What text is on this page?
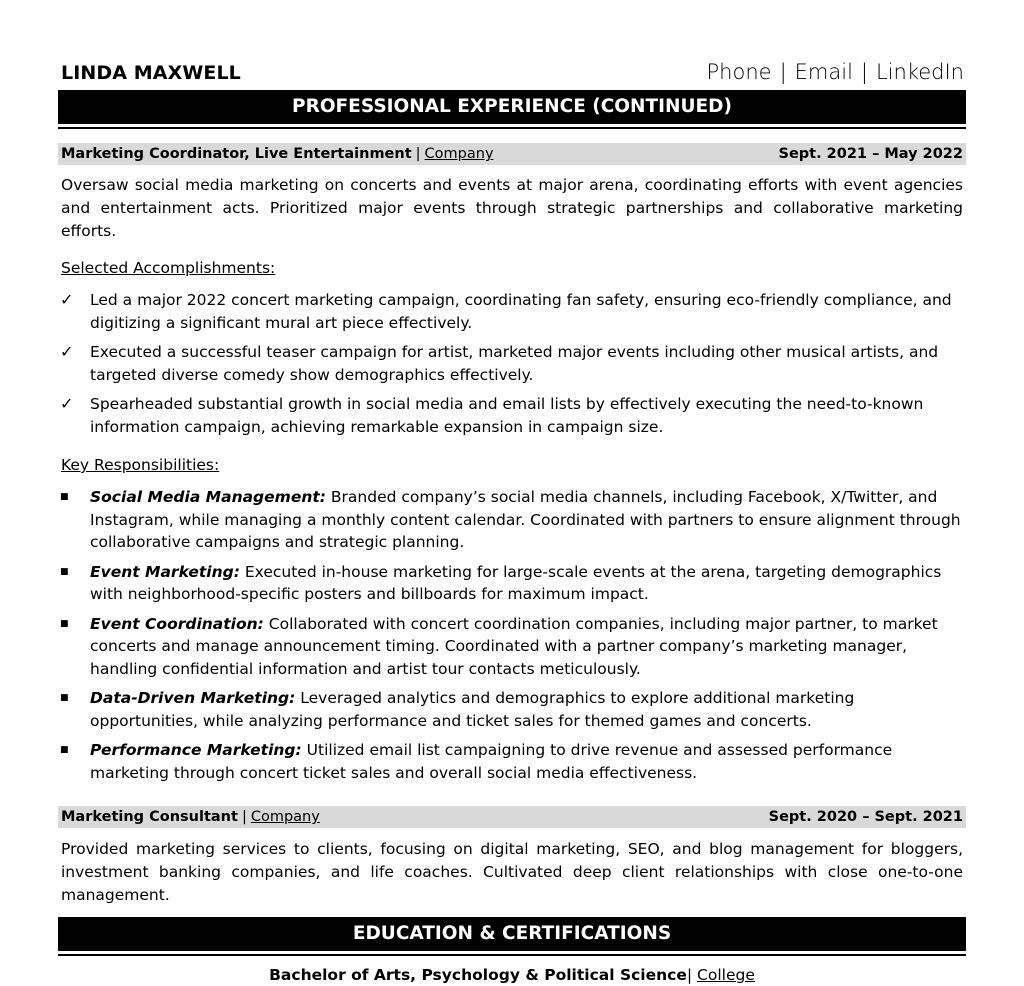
LINDA MAXWELL	Phone | Email | LinkedIn
PROFESSIONAL EXPERIENCE (CONTINUED)
Marketing Coordinator, Live Entertainment | Company	Sept. 2021 – May 2022
Oversaw social media marketing on concerts and events at major arena, coordinating efforts with event agencies and entertainment acts. Prioritized major events through strategic partnerships and collaborative marketing efforts.
Selected Accomplishments:
✓	Led a major 2022 concert marketing campaign, coordinating fan safety, ensuring eco-friendly compliance, and digitizing a significant mural art piece effectively.
✓	Executed a successful teaser campaign for artist, marketed major events including other musical artists, and targeted diverse comedy show demographics effectively.
✓	Spearheaded substantial growth in social media and email lists by effectively executing the need-to-known information campaign, achieving remarkable expansion in campaign size.
Key Responsibilities:
■	Social Media Management: Branded company’s social media channels, including Facebook, X/Twitter, and Instagram, while managing a monthly content calendar. Coordinated with partners to ensure alignment through collaborative campaigns and strategic planning.
■	Event Marketing: Executed in-house marketing for large-scale events at the arena, targeting demographics with neighborhood-specific posters and billboards for maximum impact.
■	Event Coordination: Collaborated with concert coordination companies, including major partner, to market concerts and manage announcement timing. Coordinated with a partner company’s marketing manager, handling confidential information and artist tour contacts meticulously.
■	Data-Driven Marketing: Leveraged analytics and demographics to explore additional marketing opportunities, while analyzing performance and ticket sales for themed games and concerts.
■	Performance Marketing: Utilized email list campaigning to drive revenue and assessed performance marketing through concert ticket sales and overall social media effectiveness.
Marketing Consultant | Company	Sept. 2020 – Sept. 2021
Provided marketing services to clients, focusing on digital marketing, SEO, and blog management for bloggers, investment banking companies, and life coaches. Cultivated deep client relationships with close one-to-one management.
EDUCATION & CERTIFICATIONS
Bachelor of Arts, Psychology & Political Science| College
